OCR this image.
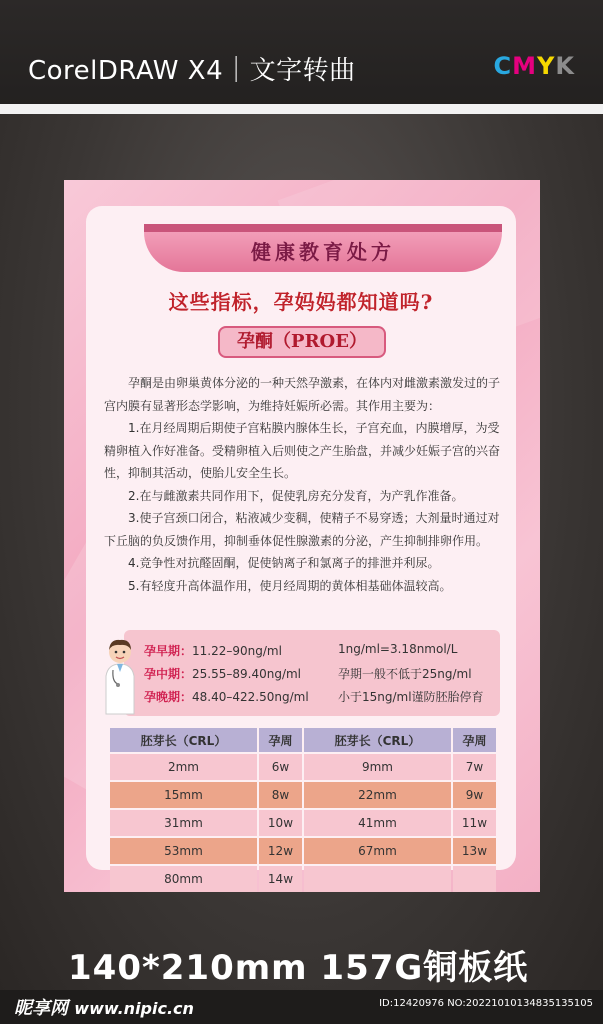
CorelDRAW X4｜文字转曲	CMYK
健康教育处方
这些指标，孕妈妈都知道吗?
孕酮（PROE）

孕酮是由卵巢黄体分泌的一种天然孕激素，在体内对雌激素激发过的子宫内膜有显著形态学影响，为维持妊娠所必需。其作用主要为：

1.在月经周期后期使子宫粘膜内腺体生长，子宫充血，内膜增厚，为受精卵植入作好准备。受精卵植入后则使之产生胎盘，并减少妊娠子宫的兴奋性，抑制其活动，使胎儿安全生长。

2.在与雌激素共同作用下，促使乳房充分发育，为产乳作准备。

3.使子宫颈口闭合，粘液减少变稠，使精子不易穿透；大剂量时通过对下丘脑的负反馈作用，抑制垂体促性腺激素的分泌，产生抑制排卵作用。

4.竞争性对抗醛固酮，促使钠离子和氯离子的排泄并利尿。

5.有轻度升高体温作用，使月经周期的黄体相基础体温较高。

孕早期：11.22–90ng/ml
孕中期：25.55–89.40ng/ml
孕晚期：48.40–422.50ng/ml
1ng/ml=3.18nmol/L
孕期一般不低于25ng/ml
小于15ng/ml谨防胚胎停育
胚芽长（CRL）	孕周	胚芽长（CRL）	孕周
2mm	6w	9mm	7w
15mm	8w	22mm	9w
31mm	10w	41mm	11w
53mm	12w	67mm	13w
80mm	14w		
140*210mm 157G铜板纸
昵享网 www.nipic.cn	ID:12420976 NO:20221010134835135105
